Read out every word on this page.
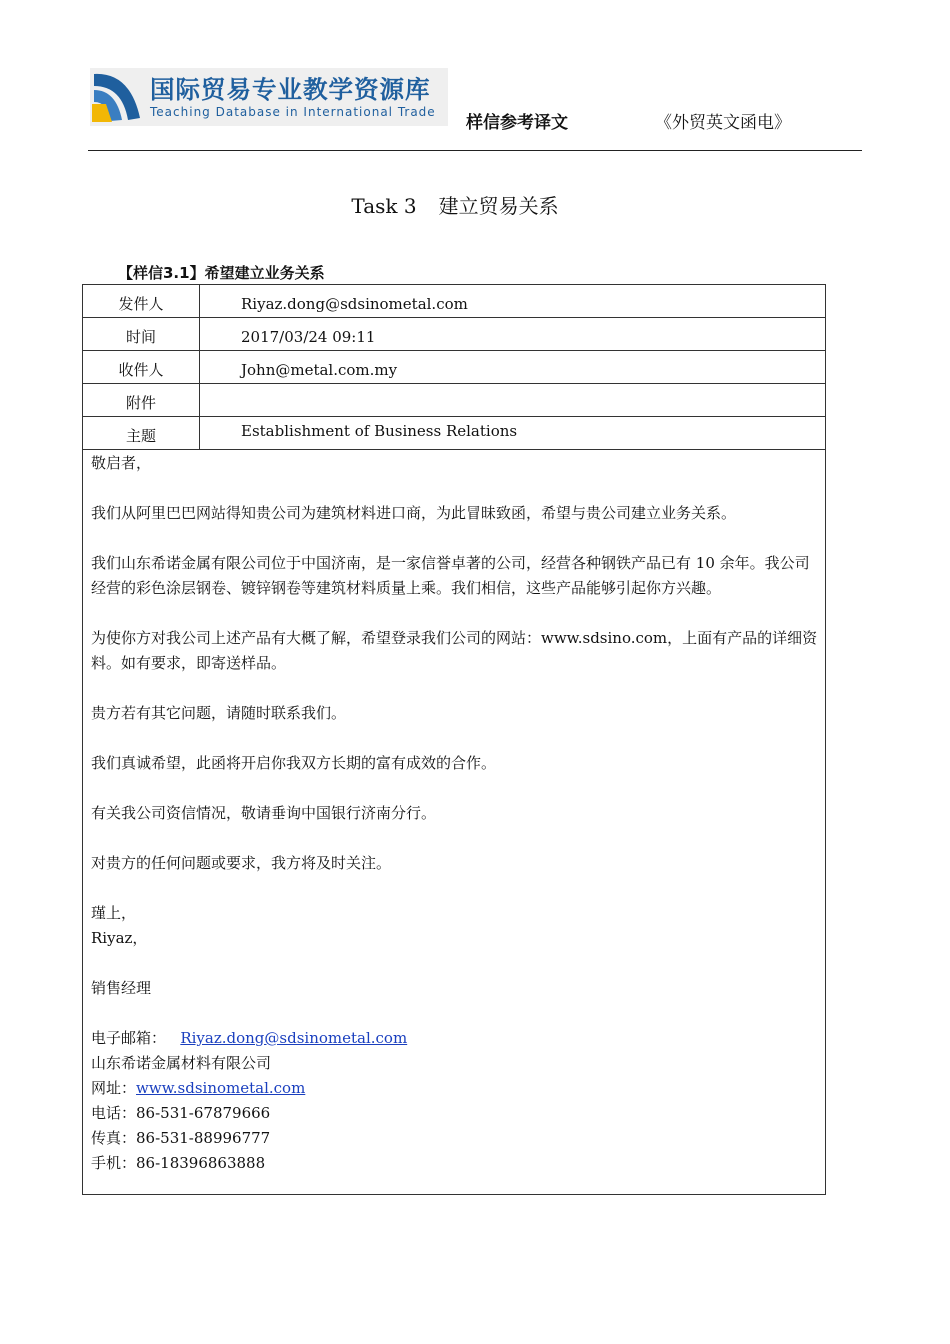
国际贸易专业教学资源库
Teaching Database in International Trade
样信参考译文	《外贸英文函电》
Task 3 建立贸易关系
【样信3.1】希望建立业务关系
发件人	Riyaz.dong@sdsinometal.com
时间	2017/03/24 09:11
收件人	John@metal.com.my
附件
主题	Establishment of Business Relations

敬启者，

我们从阿里巴巴网站得知贵公司为建筑材料进口商，为此冒昧致函，希望与贵公司建立业务关系。

我们山东希诺金属有限公司位于中国济南，是一家信誉卓著的公司，经营各种钢铁产品已有 10 余年。我公司经营的彩色涂层钢卷、镀锌钢卷等建筑材料质量上乘。我们相信，这些产品能够引起你方兴趣。

为使你方对我公司上述产品有大概了解，希望登录我们公司的网站：www.sdsino.com，上面有产品的详细资料。如有要求，即寄送样品。

贵方若有其它问题，请随时联系我们。

我们真诚希望，此函将开启你我双方长期的富有成效的合作。

有关我公司资信情况，敬请垂询中国银行济南分行。

对贵方的任何问题或要求，我方将及时关注。

瑾上，

Riyaz，

销售经理

电子邮箱： Riyaz.dong@sdsinometal.com

山东希诺金属材料有限公司

网址：www.sdsinometal.com

电话：86-531-67879666

传真：86-531-88996777

手机：86-18396863888
